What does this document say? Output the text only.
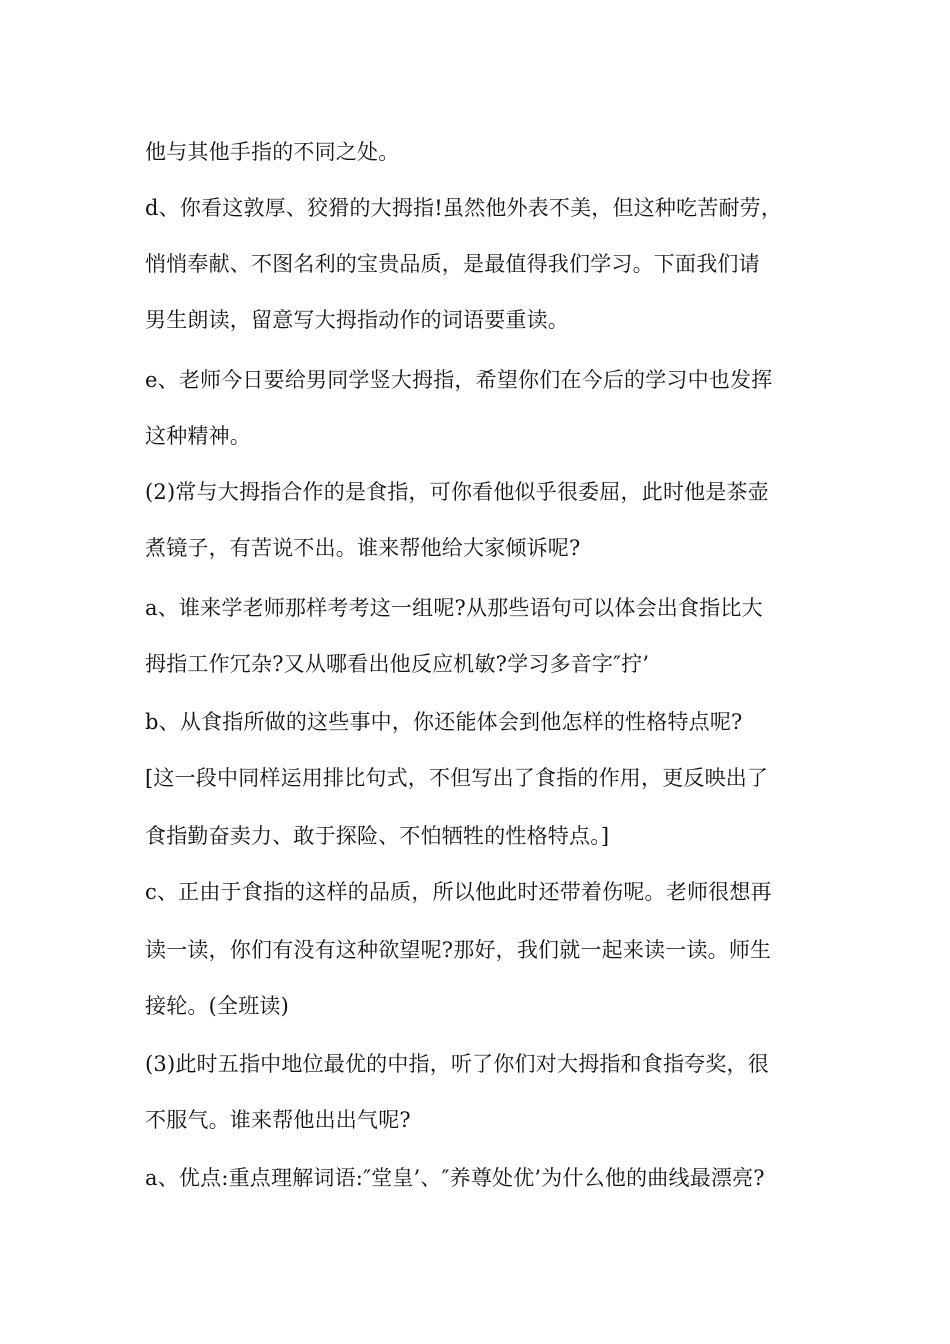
他与其他手指的不同之处。
d、你看这敦厚、狡猾的大拇指!虽然他外表不美，但这种吃苦耐劳，
悄悄奉献、不图名利的宝贵品质，是最值得我们学习。下面我们请
男生朗读，留意写大拇指动作的词语要重读。
e、老师今日要给男同学竖大拇指，希望你们在今后的学习中也发挥
这种精神。
(2)常与大拇指合作的是食指，可你看他似乎很委屈，此时他是茶壶
煮镜子，有苦说不出。谁来帮他给大家倾诉呢?
a、谁来学老师那样考考这一组呢?从那些语句可以体会出食指比大
拇指工作冗杂?又从哪看出他反应机敏?学习多音字″拧’
b、从食指所做的这些事中，你还能体会到他怎样的性格特点呢?
[这一段中同样运用排比句式，不但写出了食指的作用，更反映出了
食指勤奋卖力、敢于探险、不怕牺牲的性格特点。]
c、正由于食指的这样的品质，所以他此时还带着伤呢。老师很想再
读一读，你们有没有这种欲望呢?那好，我们就一起来读一读。师生
接轮。(全班读)
(3)此时五指中地位最优的中指，听了你们对大拇指和食指夸奖，很
不服气。谁来帮他出出气呢?
a、优点:重点理解词语:″堂皇’、″养尊处优’为什么他的曲线最漂亮?
